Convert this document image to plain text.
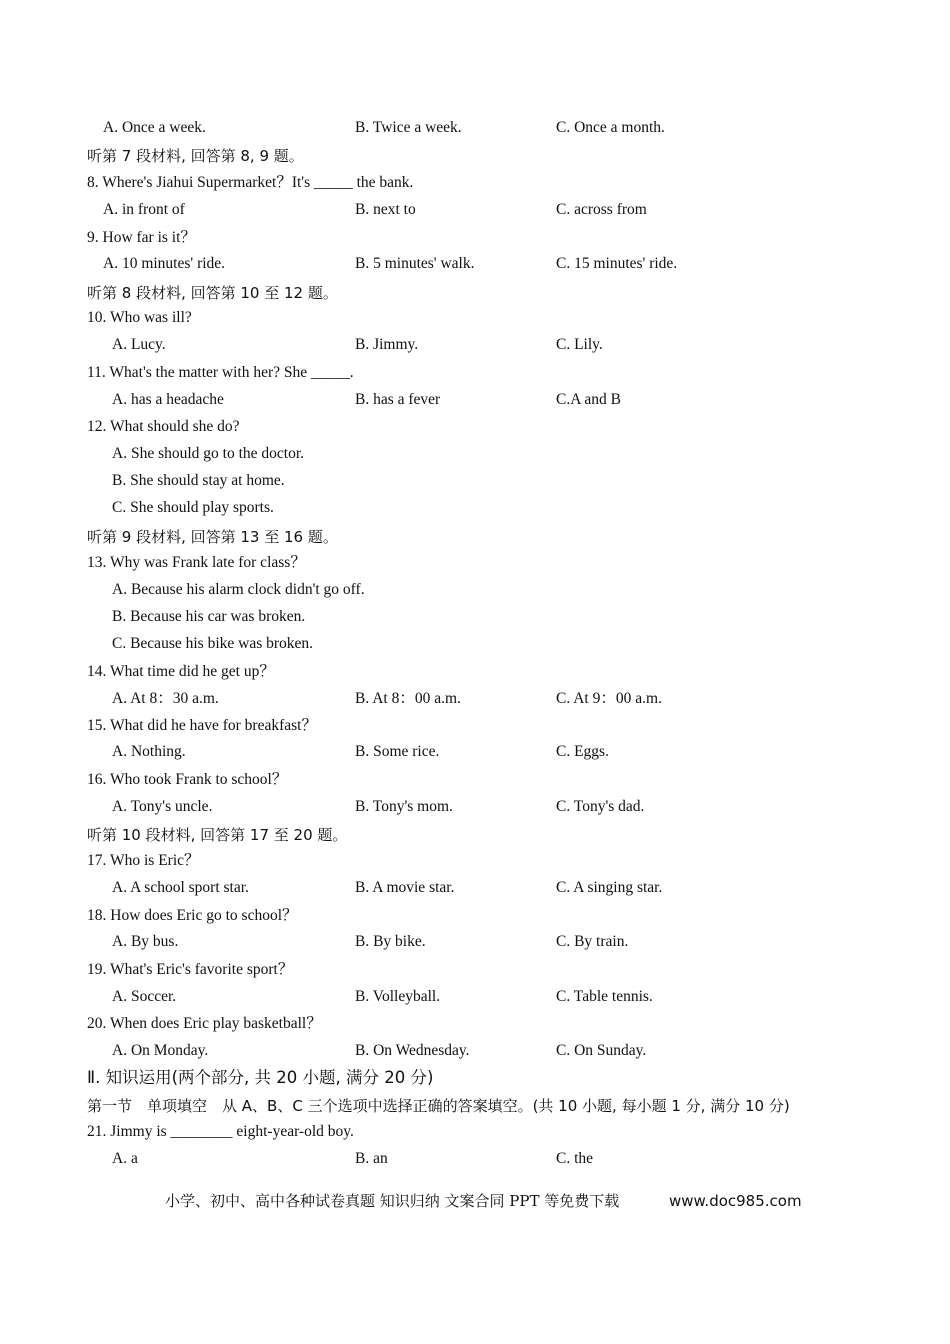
A. Once a week.	B. Twice a week.	C. Once a month.
听第 7 段材料, 回答第 8, 9 题。
8. Where's Jiahui Supermarket？It's _____ the bank.
A. in front of	B. next to	C. across from
9. How far is it？
A. 10 minutes' ride.	B. 5 minutes' walk.	C. 15 minutes' ride.
听第 8 段材料, 回答第 10 至 12 题。
10. Who was ill?
A. Lucy.	B. Jimmy.	C. Lily.
11. What's the matter with her? She _____.
A. has a headache	B. has a fever	C.A and B
12. What should she do?
A. She should go to the doctor.
B. She should stay at home.
C. She should play sports.
听第 9 段材料, 回答第 13 至 16 题。
13. Why was Frank late for class？
A. Because his alarm clock didn't go off.
B. Because his car was broken.
C. Because his bike was broken.
14. What time did he get up？
A. At 8：30 a.m.	B. At 8：00 a.m.	C. At 9：00 a.m.
15. What did he have for breakfast？
A. Nothing.	B. Some rice.	C. Eggs.
16. Who took Frank to school？
A. Tony's uncle.	B. Tony's mom.	C. Tony's dad.
听第 10 段材料, 回答第 17 至 20 题。
17. Who is Eric？
A. A school sport star.	B. A movie star.	C. A singing star.
18. How does Eric go to school？
A. By bus.	B. By bike.	C. By train.
19. What's Eric's favorite sport？
A. Soccer.	B. Volleyball.	C. Table tennis.
20. When does Eric play basketball？
A. On Monday.	B. On Wednesday.	C. On Sunday.
Ⅱ. 知识运用(两个部分, 共 20 小题, 满分 20 分)
第一节　单项填空　从 A、B、C 三个选项中选择正确的答案填空。(共 10 小题, 每小题 1 分, 满分 10 分)
21. Jimmy is ________ eight-year-old boy.
A. a	B. an	C. the
小学、初中、高中各种试卷真题 知识归纳 文案合同 PPT 等免费下载	www.doc985.com
